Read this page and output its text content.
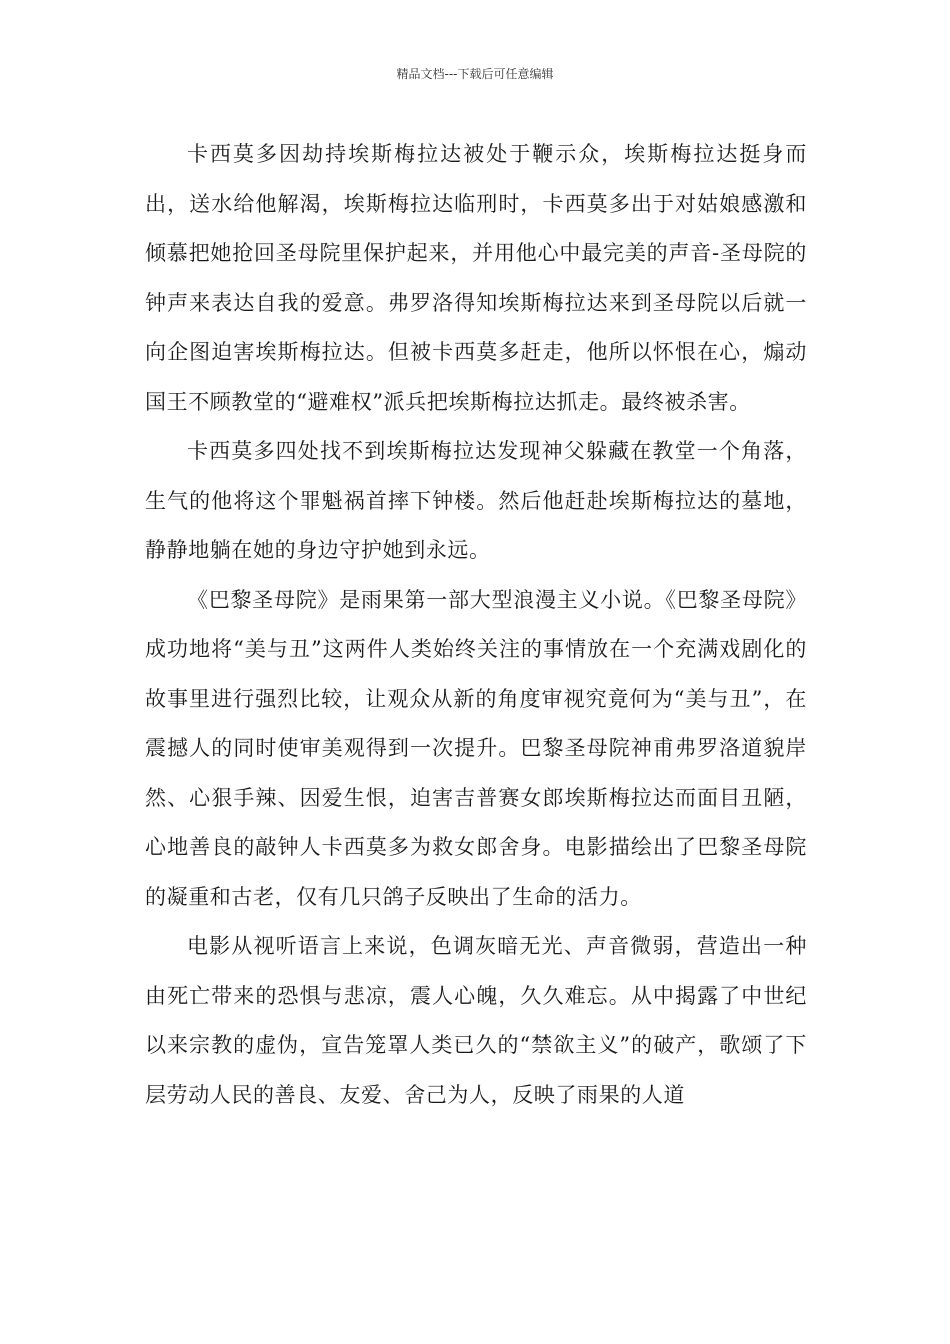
精品文档---下载后可任意编辑

卡西莫多因劫持埃斯梅拉达被处于鞭示众，埃斯梅拉达挺身而出，送水给他解渴，埃斯梅拉达临刑时，卡西莫多出于对姑娘感激和倾慕把她抢回圣母院里保护起来，并用他心中最完美的声音-圣母院的钟声来表达自我的爱意。弗罗洛得知埃斯梅拉达来到圣母院以后就一向企图迫害埃斯梅拉达。但被卡西莫多赶走，他所以怀恨在心，煽动国王不顾教堂的“避难权”派兵把埃斯梅拉达抓走。最终被杀害。

卡西莫多四处找不到埃斯梅拉达发现神父躲藏在教堂一个角落，生气的他将这个罪魁祸首摔下钟楼。然后他赶赴埃斯梅拉达的墓地，静静地躺在她的身边守护她到永远。

《巴黎圣母院》是雨果第一部大型浪漫主义小说。《巴黎圣母院》成功地将“美与丑”这两件人类始终关注的事情放在一个充满戏剧化的故事里进行强烈比较，让观众从新的角度审视究竟何为“美与丑”，在震撼人的同时使审美观得到一次提升。巴黎圣母院神甫弗罗洛道貌岸然、心狠手辣、因爱生恨，迫害吉普赛女郎埃斯梅拉达而面目丑陋，心地善良的敲钟人卡西莫多为救女郎舍身。电影描绘出了巴黎圣母院的凝重和古老，仅有几只鸽子反映出了生命的活力。

电影从视听语言上来说，色调灰暗无光、声音微弱，营造出一种由死亡带来的恐惧与悲凉，震人心魄，久久难忘。从中揭露了中世纪以来宗教的虚伪，宣告笼罩人类已久的“禁欲主义”的破产，歌颂了下层劳动人民的善良、友爱、舍己为人，反映了雨果的人道
